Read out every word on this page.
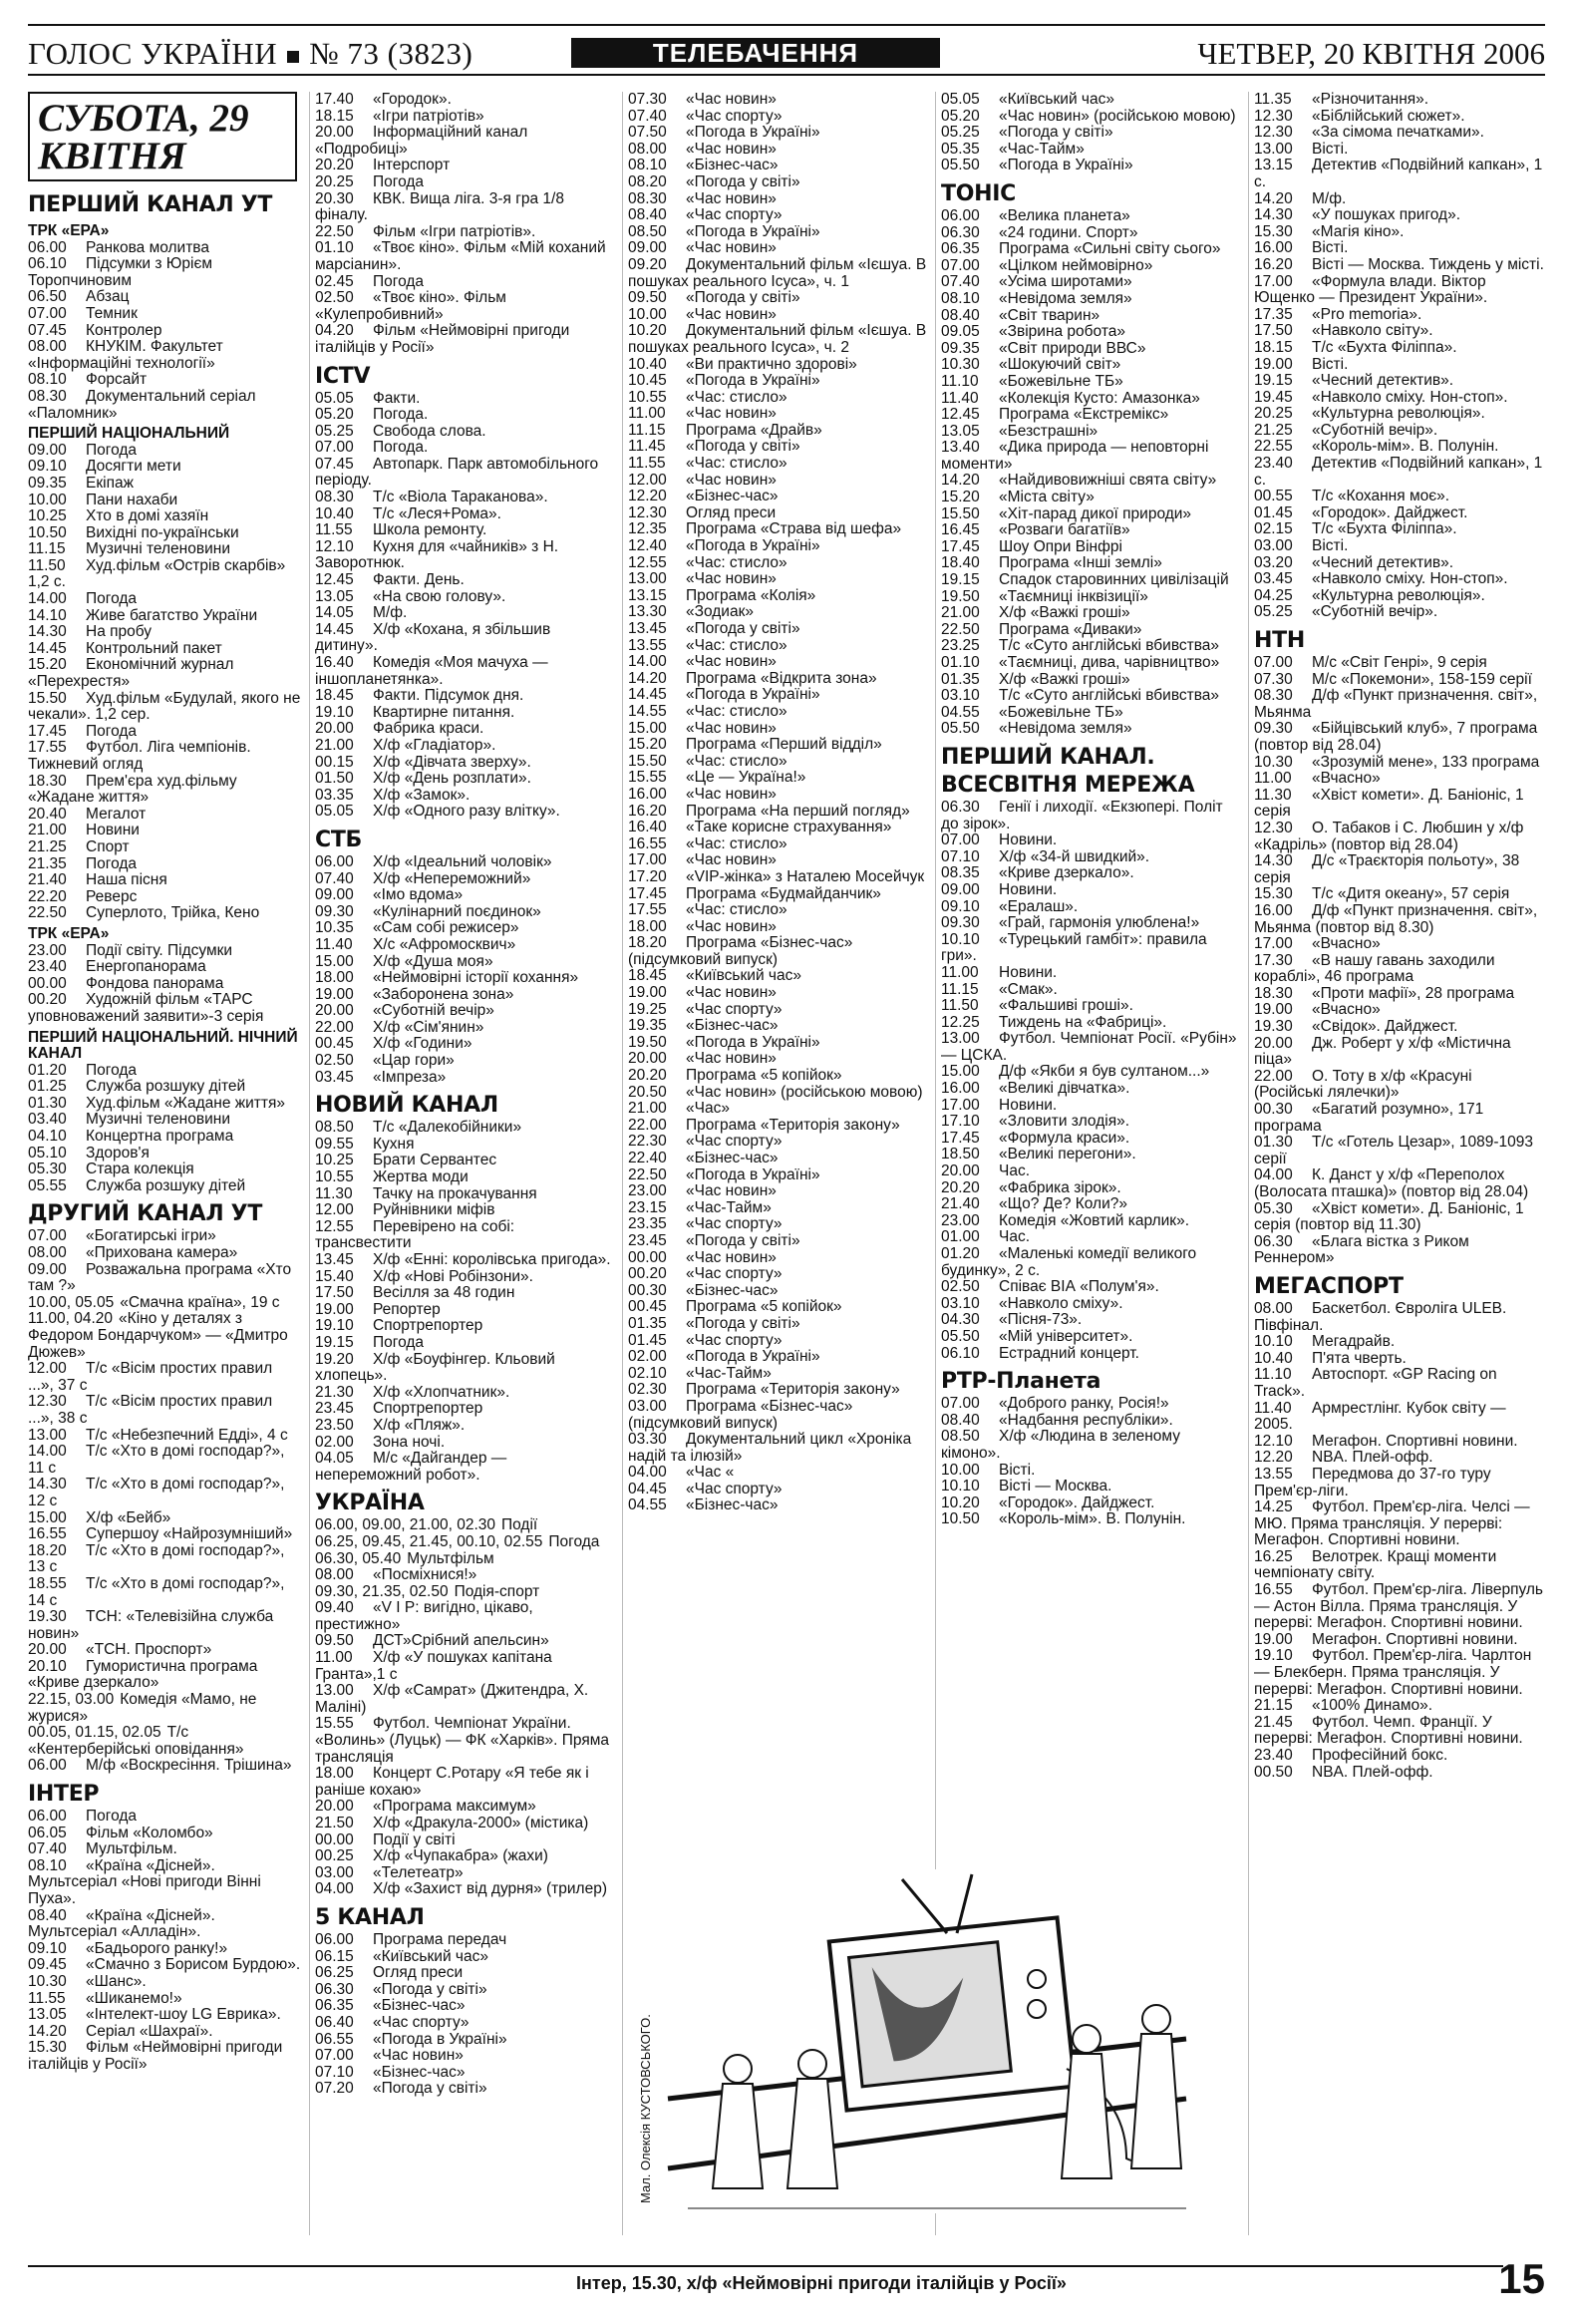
ГОЛОС УКРАЇНИ № 73 (3823)	ТЕЛЕБАЧЕННЯ	ЧЕТВЕР, 20 КВІТНЯ 2006
СУБОТА, 29 КВІТНЯ
ПЕРШИЙ КАНАЛ УТ
ТРК «ЕРА»
06.00 Ранкова молитва
06.10 Підсумки з Юрієм Торопчиновим
06.50 Абзац
07.00 Темник
07.45 Контролер
08.00 КНУКІМ. Факультет «Інформаційні технології»
08.10 Форсайт
08.30 Документальний серіал «Паломник»
ПЕРШИЙ НАЦІОНАЛЬНИЙ
09.00 Погода
09.10 Досягти мети
09.35 Екіпаж
10.00 Пани нахаби
10.25 Хто в домі хазяїн
10.50 Вихідні по-українськи
11.15 Музичні теленовини
11.50 Худ.фільм «Острів скарбів» 1,2 с.
14.00 Погода
14.10 Живе багатство України
14.30 На пробу
14.45 Контрольний пакет
15.20 Економічний журнал «Перехрестя»
15.50 Худ.фільм «Будулай, якого не чекали». 1,2 сер.
17.45 Погода
17.55 Футбол. Ліга чемпіонів. Тижневий огляд
18.30 Прем'єра худ.фільму «Жадане життя»
20.40 Мегалот
21.00 Новини
21.25 Спорт
21.35 Погода
21.40 Наша пісня
22.20 Реверс
22.50 Суперлото, Трійка, Кено
ТРК «ЕРА»
23.00 Події світу. Підсумки
23.40 Енергопанорама
00.00 Фондова панорама
00.20 Художній фільм «ТАРС уповноважений заявити»-3 серія
ПЕРШИЙ НАЦІОНАЛЬНИЙ. НІЧНИЙ КАНАЛ
01.20 Погода
01.25 Служба розшуку дітей
01.30 Худ.фільм «Жадане життя»
03.40 Музичні теленовини
04.10 Концертна програма
05.10 Здоров'я
05.30 Стара колекція
05.55 Служба розшуку дітей
ДРУГИЙ КАНАЛ УТ
07.00 «Богатирські ігри»
08.00 «Прихована камера»
09.00 Розважальна програма «Хто там ?»
10.00, 05.05 «Смачна країна», 19 с
11.00, 04.20 «Кіно у деталях з Федором Бондарчуком» — «Дмитро Дюжев»
12.00 Т/с «Вісім простих правил ...», 37 с
12.30 Т/с «Вісім простих правил ...», 38 с
13.00 Т/с «Небезпечний Едді», 4 с
14.00 Т/с «Хто в домі господар?», 11 с
14.30 Т/с «Хто в домі господар?», 12 с
15.00 Х/ф «Бейб»
16.55 Супершоу «Найрозумніший»
18.20 Т/с «Хто в домі господар?», 13 с
18.55 Т/с «Хто в домі господар?», 14 с
19.30 ТСН: «Телевізійна служба новин»
20.00 «ТСН. Проспорт»
20.10 Гумористична програма «Криве дзеркало»
22.15, 03.00 Комедія «Мамо, не журися»
00.05, 01.15, 02.05 Т/с «Кентерберійські оповідання»
06.00 М/ф «Воскресіння. Трішина»
ІНТЕР
06.00 Погода
06.05 Фільм «Коломбо»
07.40 Мультфільм.
08.10 «Країна «Дісней». Мультсеріал «Нові пригоди Вінні Пуха».
08.40 «Країна «Дісней». Мультсеріал «Алладін».
09.10 «Бадьорого ранку!»
09.45 «Смачно з Борисом Бурдою».
10.30 «Шанс».
11.55 «Шиканемо!»
13.05 «Інтелект-шоу LG Еврика».
14.20 Серіал «Шахраї».
15.30 Фільм «Неймовірні пригоди італійців у Росії»
17.40 «Городок».
18.15 «Ігри патріотів»
20.00 Інформаційний канал «Подробиці»
20.20 Інтерспорт
20.25 Погода
20.30 КВК. Вища ліга. 3-я гра 1/8 фіналу.
22.50 Фільм «Ігри патріотів».
01.10 «Твоє кіно». Фільм «Мій коханий марсіанин».
02.45 Погода
02.50 «Твоє кіно». Фільм «Кулепробивний»
04.20 Фільм «Неймовірні пригоди італійців у Росії»
ICTV
05.05 Факти.
05.20 Погода.
05.25 Свобода слова.
07.00 Погода.
07.45 Автопарк. Парк автомобільного періоду.
08.30 Т/с «Віола Тараканова».
10.40 Т/с «Леся+Рома».
11.55 Школа ремонту.
12.10 Кухня для «чайників» з Н. Заворотнюк.
12.45 Факти. День.
13.05 «На свою голову».
14.05 М/ф.
14.45 Х/ф «Кохана, я збільшив дитину».
16.40 Комедія «Моя мачуха — іншопланетянка».
18.45 Факти. Підсумок дня.
19.10 Квартирне питання.
20.00 Фабрика краси.
21.00 Х/ф «Гладіатор».
00.15 Х/ф «Дівчата зверху».
01.50 Х/ф «День розплати».
03.35 Х/ф «Замок».
05.05 Х/ф «Одного разу влітку».
СТБ
06.00 Х/ф «Ідеальний чоловік»
07.40 Х/ф «Непереможний»
09.00 «Імо вдома»
09.30 «Кулінарний поєдинок»
10.35 «Сам собі режисер»
11.40 Х/с «Афромосквич»
15.00 Х/ф «Душа моя»
18.00 «Неймовірні історії кохання»
19.00 «Заборонена зона»
20.00 «Суботній вечір»
22.00 Х/ф «Сім'янин»
00.45 Х/ф «Години»
02.50 «Цар гори»
03.45 «Імпреза»
НОВИЙ КАНАЛ
08.50 Т/с «Далекобійники»
09.55 Кухня
10.25 Брати Сервантес
10.55 Жертва моди
11.30 Тачку на прокачування
12.00 Руйнівники міфів
12.55 Перевірено на собі: трансвестити
13.45 Х/ф «Енні: королівська пригода».
15.40 Х/ф «Нові Робінзони».
17.50 Весілля за 48 годин
19.00 Репортер
19.10 Спортрепортер
19.15 Погода
19.20 Х/ф «Боуфінгер. Кльовий хлопець».
21.30 Х/ф «Хлопчатник».
23.45 Спортрепортер
23.50 Х/ф «Пляж».
02.00 Зона ночі.
04.05 М/с «Дайгандер — непереможний робот».
УКРАЇНА
06.00, 09.00, 21.00, 02.30 Події
06.25, 09.45, 21.45, 00.10, 02.55 Погода
06.30, 05.40 Мультфільм
08.00 «Посміхнися!»
09.30, 21.35, 02.50 Подія-спорт
09.40 «V I P: вигідно, цікаво, престижно»
09.50 ДСТ»Срібний апельсин»
11.00 Х/ф «У пошуках капітана Гранта»,1 с
13.00 Х/ф «Самрат» (Джитендра, Х. Маліні)
15.55 Футбол. Чемпіонат України. «Волинь» (Луцьк) — ФК «Харків». Пряма трансляція
18.00 Концерт С.Ротару «Я тебе як і раніше кохаю»
20.00 «Програма максимум»
21.50 Х/ф «Дракула-2000» (містика)
00.00 Події у світі
00.25 Х/ф «Чупакабра» (жахи)
03.00 «Телетеатр»
04.00 Х/ф «Захист від дурня» (трилер)
5 КАНАЛ
06.00 Програма передач
06.15 «Київський час»
06.25 Огляд преси
06.30 «Погода у світі»
06.35 «Бізнес-час»
06.40 «Час спорту»
06.55 «Погода в Україні»
07.00 «Час новин»
07.10 «Бізнес-час»
07.20 «Погода у світі»
07.30 «Час новин»
07.40 «Час спорту»
07.50 «Погода в Україні»
08.00 «Час новин»
08.10 «Бізнес-час»
08.20 «Погода у світі»
08.30 «Час новин»
08.40 «Час спорту»
08.50 «Погода в Україні»
09.00 «Час новин»
09.20 Документальний фільм «Ієшуа. В пошуках реального Ісуса», ч. 1
09.50 «Погода у світі»
10.00 «Час новин»
10.20 Документальний фільм «Ієшуа. В пошуках реального Ісуса», ч. 2
10.40 «Ви практично здорові»
10.45 «Погода в Україні»
10.55 «Час: стисло»
11.00 «Час новин»
11.15 Програма «Драйв»
11.45 «Погода у світі»
11.55 «Час: стисло»
12.00 «Час новин»
12.20 «Бізнес-час»
12.30 Огляд преси
12.35 Програма «Страва від шефа»
12.40 «Погода в Україні»
12.55 «Час: стисло»
13.00 «Час новин»
13.15 Програма «Колія»
13.30 «Зодиак»
13.45 «Погода у світі»
13.55 «Час: стисло»
14.00 «Час новин»
14.20 Програма «Відкрита зона»
14.45 «Погода в Україні»
14.55 «Час: стисло»
15.00 «Час новин»
15.20 Програма «Перший відділ»
15.50 «Час: стисло»
15.55 «Це — Україна!»
16.00 «Час новин»
16.20 Програма «На перший погляд»
16.40 «Таке корисне страхування»
16.55 «Час: стисло»
17.00 «Час новин»
17.20 «VIP-жінка» з Наталею Мосейчук
17.45 Програма «Будмайданчик»
17.55 «Час: стисло»
18.00 «Час новин»
18.20 Програма «Бізнес-час» (підсумковий випуск)
18.45 «Київський час»
19.00 «Час новин»
19.25 «Час спорту»
19.35 «Бізнес-час»
19.50 «Погода в Україні»
20.00 «Час новин»
20.20 Програма «5 копійок»
20.50 «Час новин» (російською мовою)
21.00 «Час»
22.00 Програма «Територія закону»
22.30 «Час спорту»
22.40 «Бізнес-час»
22.50 «Погода в Україні»
23.00 «Час новин»
23.15 «Час-Тайм»
23.35 «Час спорту»
23.45 «Погода у світі»
00.00 «Час новин»
00.20 «Час спорту»
00.30 «Бізнес-час»
00.45 Програма «5 копійок»
01.35 «Погода у світі»
01.45 «Час спорту»
02.00 «Погода в Україні»
02.10 «Час-Тайм»
02.30 Програма «Територія закону»
03.00 Програма «Бізнес-час» (підсумковий випуск)
03.30 Документальний цикл «Хроніка надій та ілюзій»
04.00 «Час «
04.45 «Час спорту»
04.55 «Бізнес-час»
05.05 «Київський час»
05.20 «Час новин» (російською мовою)
05.25 «Погода у світі»
05.35 «Час-Тайм»
05.50 «Погода в Україні»
ТОНІС
06.00 «Велика планета»
06.30 «24 години. Спорт»
06.35 Програма «Сильні світу сього»
07.00 «Цілком неймовірно»
07.40 «Усіма широтами»
08.10 «Невідома земля»
08.40 «Світ тварин»
09.05 «Звірина робота»
09.35 «Світ природи ВВС»
10.30 «Шокуючий світ»
11.10 «Божевільне ТБ»
11.40 «Колекція Кусто: Амазонка»
12.45 Програма «Екстремікс»
13.05 «Безстрашні»
13.40 «Дика природа — неповторні моменти»
14.20 «Найдивовижніші свята світу»
15.20 «Міста світу»
15.50 «Хіт-парад дикої природи»
16.45 «Розваги багатіїв»
17.45 Шоу Опри Вінфрі
18.40 Програма «Інші землі»
19.15 Спадок старовинних цивілізацій
19.50 «Таємниці інквізиції»
21.00 Х/ф «Важкі гроші»
22.50 Програма «Диваки»
23.25 Т/с «Суто англійські вбивства»
01.10 «Таємниці, дива, чарівництво»
01.35 Х/ф «Важкі гроші»
03.10 Т/с «Суто англійські вбивства»
04.55 «Божевільне ТБ»
05.50 «Невідома земля»
ПЕРШИЙ КАНАЛ. ВСЕСВІТНЯ МЕРЕЖА
06.30 Генії і лиходії. «Екзюпері. Політ до зірок».
07.00 Новини.
07.10 Х/ф «34-й швидкий».
08.35 «Криве дзеркало».
09.00 Новини.
09.10 «Ералаш».
09.30 «Грай, гармонія улюблена!»
10.10 «Турецький гамбіт»: правила гри».
11.00 Новини.
11.15 «Смак».
11.50 «Фальшиві гроші».
12.25 Тиждень на «Фабриці».
13.00 Футбол. Чемпіонат Росії. «Рубін» — ЦСКА.
15.00 Д/ф «Якби я був султаном...»
16.00 «Великі дівчатка».
17.00 Новини.
17.10 «Зловити злодія».
17.45 «Формула краси».
18.50 «Великі перегони».
20.00 Час.
20.20 «Фабрика зірок».
21.40 «Що? Де? Коли?»
23.00 Комедія «Жовтий карлик».
01.00 Час.
01.20 «Маленькі комедії великого будинку», 2 с.
02.50 Співає ВІА «Полум'я».
03.10 «Навколо сміху».
04.30 «Пісня-73».
05.50 «Мій університет».
06.10 Естрадний концерт.
РТР-Планета
07.00 «Доброго ранку, Росія!»
08.40 «Надбання республіки».
08.50 Х/ф «Людина в зеленому кімоно».
10.00 Вісті.
10.10 Вісті — Москва.
10.20 «Городок». Дайджест.
10.50 «Король-мім». В. Полунін.
11.35 «Різночитання».
12.30 «Біблійський сюжет».
12.30 «За сімома печатками».
13.00 Вісті.
13.15 Детектив «Подвійний капкан», 1 с.
14.20 М/ф.
14.30 «У пошуках пригод».
15.30 «Магія кіно».
16.00 Вісті.
16.20 Вісті — Москва. Тиждень у місті.
17.00 «Формула влади. Віктор Ющенко — Президент України».
17.35 «Pro memoria».
17.50 «Навколо світу».
18.15 Т/с «Бухта Філіппа».
19.00 Вісті.
19.15 «Чесний детектив».
19.45 «Навколо сміху. Нон-стоп».
20.25 «Культурна революція».
21.25 «Суботній вечір».
22.55 «Король-мім». В. Полунін.
23.40 Детектив «Подвійний капкан», 1 с.
00.55 Т/с «Кохання моє».
01.45 «Городок». Дайджест.
02.15 Т/с «Бухта Філіппа».
03.00 Вісті.
03.20 «Чесний детектив».
03.45 «Навколо сміху. Нон-стоп».
04.25 «Культурна революція».
05.25 «Суботній вечір».
НТН
07.00 М/с «Світ Генрі», 9 серія
07.30 М/с «Покемони», 158-159 серії
08.30 Д/ф «Пункт призначення. світ», Мьянма
09.30 «Бійцівський клуб», 7 програма (повтор від 28.04)
10.30 «Зрозумій мене», 133 програма
11.00 «Вчасно»
11.30 «Хвіст комети». Д. Баніоніс, 1 серія
12.30 О. Табаков і С. Любшин у х/ф «Кадріль» (повтор від 28.04)
14.30 Д/с «Траєкторія польоту», 38 серія
15.30 Т/с «Дитя океану», 57 серія
16.00 Д/ф «Пункт призначення. світ», Мьянма (повтор від 8.30)
17.00 «Вчасно»
17.30 «В нашу гавань заходили кораблі», 46 програма
18.30 «Проти мафії», 28 програма
19.00 «Вчасно»
19.30 «Свідок». Дайджест.
20.00 Дж. Роберт у х/ф «Містична піца»
22.00 О. Тоту в х/ф «Красуні (Російські лялечки)»
00.30 «Багатий розумно», 171 програма
01.30 Т/с «Готель Цезар», 1089-1093 серії
04.00 К. Данст у х/ф «Переполох (Волосата пташка)» (повтор від 28.04)
05.30 «Хвіст комети». Д. Баніоніс, 1 серія (повтор від 11.30)
06.30 «Блага вістка з Риком Реннером»
МЕГАСПОРТ
08.00 Баскетбол. Євроліга ULEB. Півфінал.
10.10 Мегадрайв.
10.40 П'ята чверть.
11.10 Автоспорт. «GP Racing on Track».
11.40 Армрестлінг. Кубок світу — 2005.
12.10 Мегафон. Спортивні новини.
12.20 NBA. Плей-офф.
13.55 Передмова до 37-го туру Прем'єр-ліги.
14.25 Футбол. Прем'єр-ліга. Челсі — МЮ. Пряма трансляція. У перерві: Мегафон. Спортивні новини.
16.25 Велотрек. Кращі моменти чемпіонату світу.
16.55 Футбол. Прем'єр-ліга. Ліверпуль — Астон Вілла. Пряма трансляція. У перерві: Мегафон. Спортивні новини.
19.00 Мегафон. Спортивні новини.
19.10 Футбол. Прем'єр-ліга. Чарлтон — Блекберн. Пряма трансляція. У перерві: Мегафон. Спортивні новини.
21.15 «100% Динамо».
21.45 Футбол. Чемп. Франції. У перерві: Мегафон. Спортивні новини.
23.40 Професійний бокс.
00.50 NBA. Плей-офф.
Мал. Олексія КУСТОВСЬКОГО.
Інтер, 15.30, х/ф «Неймовірні пригоди італійців у Росії»	15
